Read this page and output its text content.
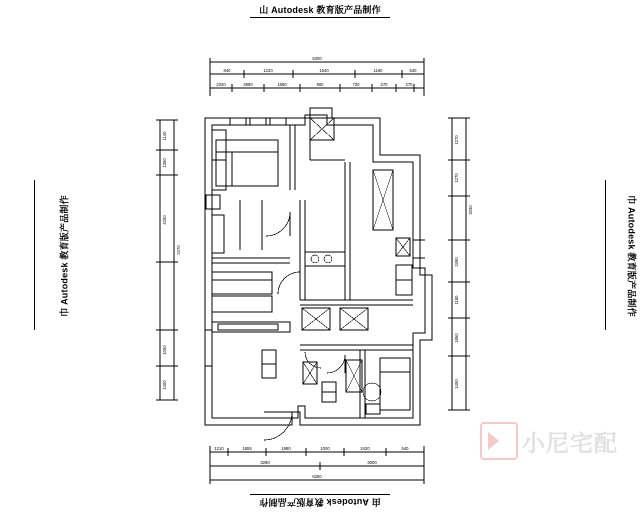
山 Autodesk 教育版产品制作
由 Autodesk 教育版产品制作
巾 Autodesk 教育版产品制作	巾 Autodesk 教育版产品制作
5300
840	1220	1540	1160	540
2320	2980	1680	900	720	270	270
1140
1360
4250
2470
1050
1400
1270
1270
2030
2490
1180
1860
1450
1210	1855	1980	1000	2420	540
3280	3000
6280
小尼宅配
